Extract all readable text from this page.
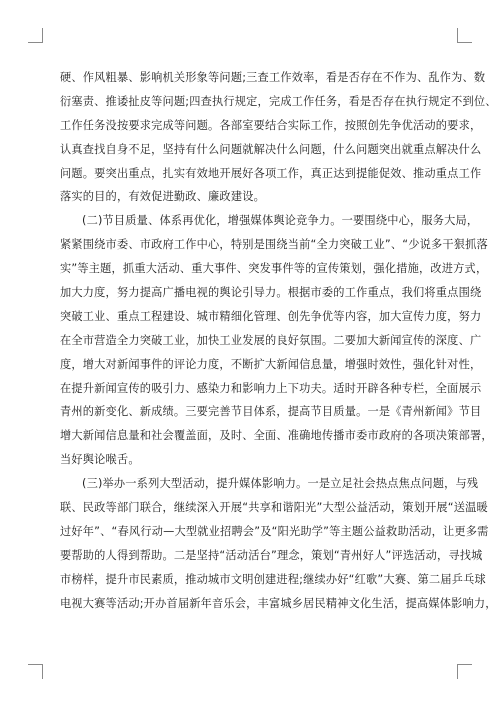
硬、作风粗暴、影响机关形象等问题;三查工作效率，看是否存在不作为、乱作为、数
衍塞责、推诿扯皮等问题;四查执行规定，完成工作任务，看是否存在执行规定不到位、
工作任务没按要求完成等问题。各部室要结合实际工作，按照创先争优活动的要求，
认真查找自身不足，坚持有什么问题就解决什么问题，什么问题突出就重点解决什么
问题。要突出重点，扎实有效地开展好各项工作，真正达到提能促效、推动重点工作
落实的目的，有效促进勤政、廉政建设。
(二)节目质量、体系再优化，增强媒体舆论竞争力。一要围绕中心，服务大局，
紧紧围绕市委、市政府工作中心，特别是围绕当前“全力突破工业”、“少说多干狠抓落
实”等主题，抓重大活动、重大事件、突发事件等的宣传策划，强化措施，改进方式，
加大力度，努力提高广播电视的舆论引导力。根据市委的工作重点，我们将重点围绕
突破工业、重点工程建设、城市精细化管理、创先争优等内容，加大宣传力度，努力
在全市营造全力突破工业，加快工业发展的良好氛围。二要加大新闻宣传的深度、广
度，增大对新闻事件的评论力度，不断扩大新闻信息量，增强时效性，强化针对性，
在提升新闻宣传的吸引力、感染力和影响力上下功夫。适时开辟各种专栏，全面展示
青州的新变化、新成绩。三要完善节目体系，提高节目质量。一是《青州新闻》节目
增大新闻信息量和社会覆盖面，及时、全面、准确地传播市委市政府的各项决策部署，
当好舆论喉舌。
(三)举办一系列大型活动，提升媒体影响力。一是立足社会热点焦点问题，与残
联、民政等部门联合，继续深入开展“共享和谐阳光”大型公益活动，策划开展“送温暖
过好年”、“春风行动—大型就业招聘会”及“阳光助学”等主题公益救助活动，让更多需
要帮助的人得到帮助。二是坚持“活动活台”理念，策划“青州好人”评选活动，寻找城
市榜样，提升市民素质，推动城市文明创建进程;继续办好“红歌”大赛、第二届乒乓球
电视大赛等活动;开办首届新年音乐会，丰富城乡居民精神文化生活，提高媒体影响力，
